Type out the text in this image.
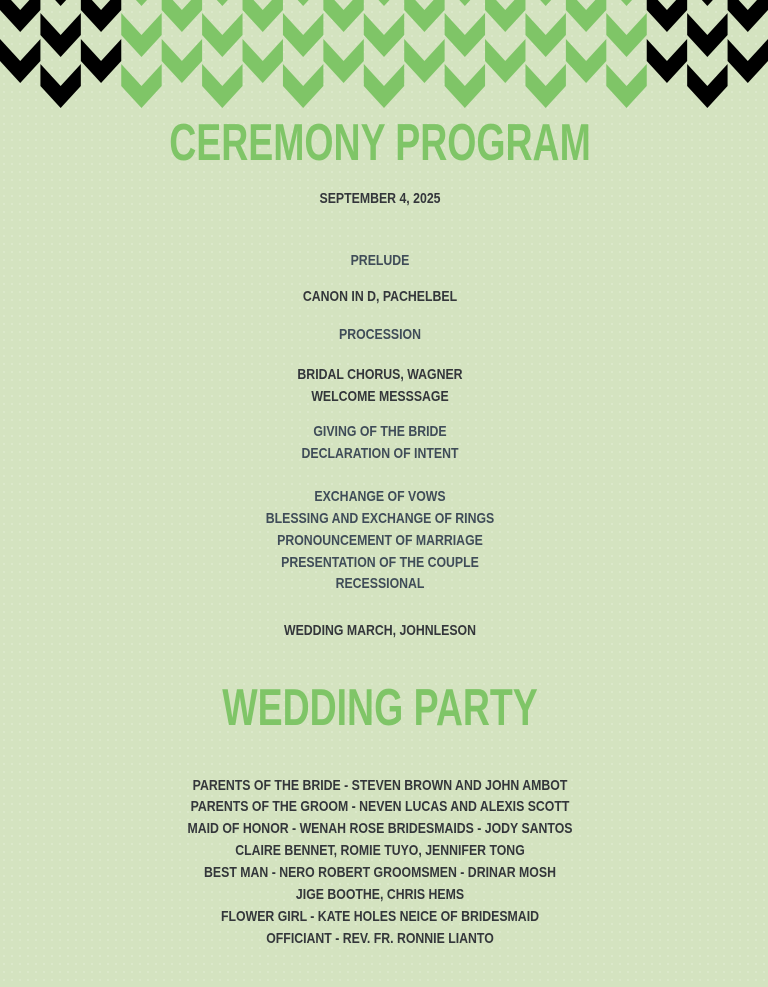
CEREMONY PROGRAM
SEPTEMBER 4, 2025
PRELUDE
CANON IN D, PACHELBEL
PROCESSION
BRIDAL CHORUS, WAGNER
WELCOME MESSSAGE
GIVING OF THE BRIDE
DECLARATION OF INTENT
EXCHANGE OF VOWS
BLESSING AND EXCHANGE OF RINGS
PRONOUNCEMENT OF MARRIAGE
PRESENTATION OF THE COUPLE
RECESSIONAL
WEDDING MARCH, JOHNLESON
WEDDING PARTY
PARENTS OF THE BRIDE - STEVEN BROWN AND JOHN AMBOT
PARENTS OF THE GROOM - NEVEN LUCAS AND ALEXIS SCOTT
MAID OF HONOR - WENAH ROSE BRIDESMAIDS - JODY SANTOS
CLAIRE BENNET, ROMIE TUYO, JENNIFER TONG
BEST MAN - NERO ROBERT GROOMSMEN - DRINAR MOSH
JIGE BOOTHE, CHRIS HEMS
FLOWER GIRL - KATE HOLES NEICE OF BRIDESMAID
OFFICIANT - REV. FR. RONNIE LIANTO
